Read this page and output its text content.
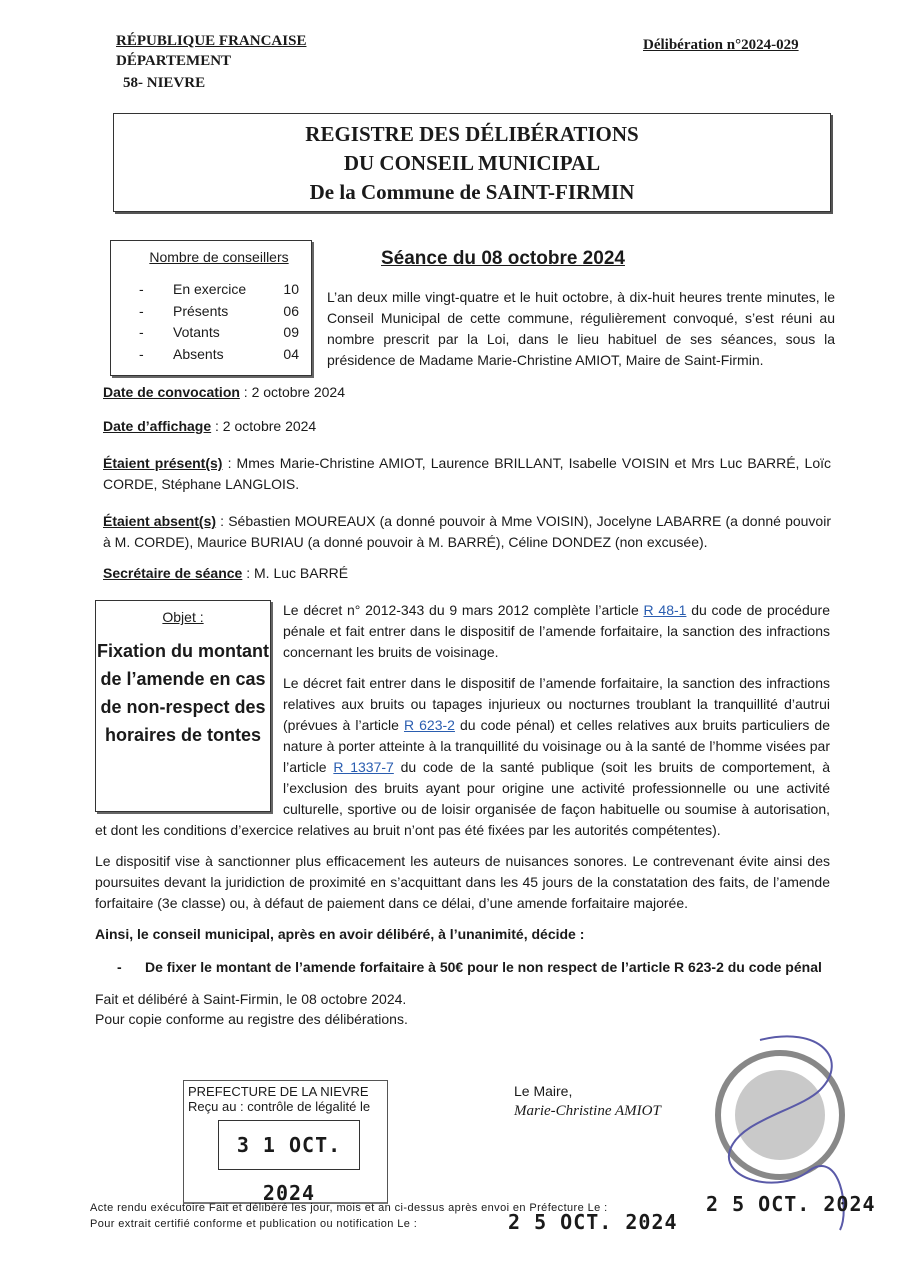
RÉPUBLIQUE FRANCAISE
DÉPARTEMENT
58- NIEVRE
Délibération n°2024-029
REGISTRE DES DÉLIBÉRATIONS
DU CONSEIL MUNICIPAL
De la Commune de SAINT-FIRMIN
Nombre de conseillers
-	En exercice	10
-	Présents	06
-	Votants	09
-	Absents	04
Séance du 08 octobre 2024
L’an deux mille vingt-quatre et le huit octobre, à dix-huit heures trente minutes, le Conseil Municipal de cette commune, régulièrement convoqué, s’est réuni au nombre prescrit par la Loi, dans le lieu habituel de ses séances, sous la présidence de Madame Marie-Christine AMIOT, Maire de Saint-Firmin.
Date de convocation : 2 octobre 2024
Date d’affichage : 2 octobre 2024
Étaient présent(s) : Mmes Marie-Christine AMIOT, Laurence BRILLANT, Isabelle VOISIN et Mrs Luc BARRÉ, Loïc CORDE, Stéphane LANGLOIS.
Étaient absent(s) : Sébastien MOUREAUX (a donné pouvoir à Mme VOISIN), Jocelyne LABARRE (a donné pouvoir à M. CORDE), Maurice BURIAU (a donné pouvoir à M. BARRÉ), Céline DONDEZ (non excusée).
Secrétaire de séance : M. Luc BARRÉ
Objet :
Fixation du montant de l’amende en cas de non-respect des horaires de tontes

Le décret n° 2012-343 du 9 mars 2012 complète l’article R 48-1 du code de procédure pénale et fait entrer dans le dispositif de l’amende forfaitaire, la sanction des infractions concernant les bruits de voisinage.

Le décret fait entrer dans le dispositif de l’amende forfaitaire, la sanction des infractions relatives aux bruits ou tapages injurieux ou nocturnes troublant la tranquillité d’autrui (prévues à l’article R 623-2 du code pénal) et celles relatives aux bruits particuliers de nature à porter atteinte à la tranquillité du voisinage ou à la santé de l’homme visées par l’article R 1337-7 du code de la santé publique (soit les bruits de comportement, à l’exclusion des bruits ayant pour origine une activité professionnelle ou une activité culturelle, sportive ou de loisir organisée de façon habituelle ou soumise à autorisation, et dont les conditions d’exercice relatives au bruit n’ont pas été fixées par les autorités compétentes).

Le dispositif vise à sanctionner plus efficacement les auteurs de nuisances sonores. Le contrevenant évite ainsi des poursuites devant la juridiction de proximité en s’acquittant dans les 45 jours de la constatation des faits, de l’amende forfaitaire (3e classe) ou, à défaut de paiement dans ce délai, d’une amende forfaitaire majorée.

Ainsi, le conseil municipal, après en avoir délibéré, à l’unanimité, décide :

-	De fixer le montant de l’amende forfaitaire à 50€ pour le non respect de l’article R 623-2 du code pénal
Fait et délibéré à Saint-Firmin, le 08 octobre 2024.
Pour copie conforme au registre des délibérations.
PREFECTURE DE LA NIEVRE
Reçu au : contrôle de légalité le
3 1 OCT. 2024
Le Maire,
Marie-Christine AMIOT
Acte rendu exécutoire Fait et délibéré les jour, mois et an ci-dessus après envoi en Préfecture Le :
Pour extrait certifié conforme et publication ou notification Le :
2 5 OCT. 2024
2 5 OCT. 2024
